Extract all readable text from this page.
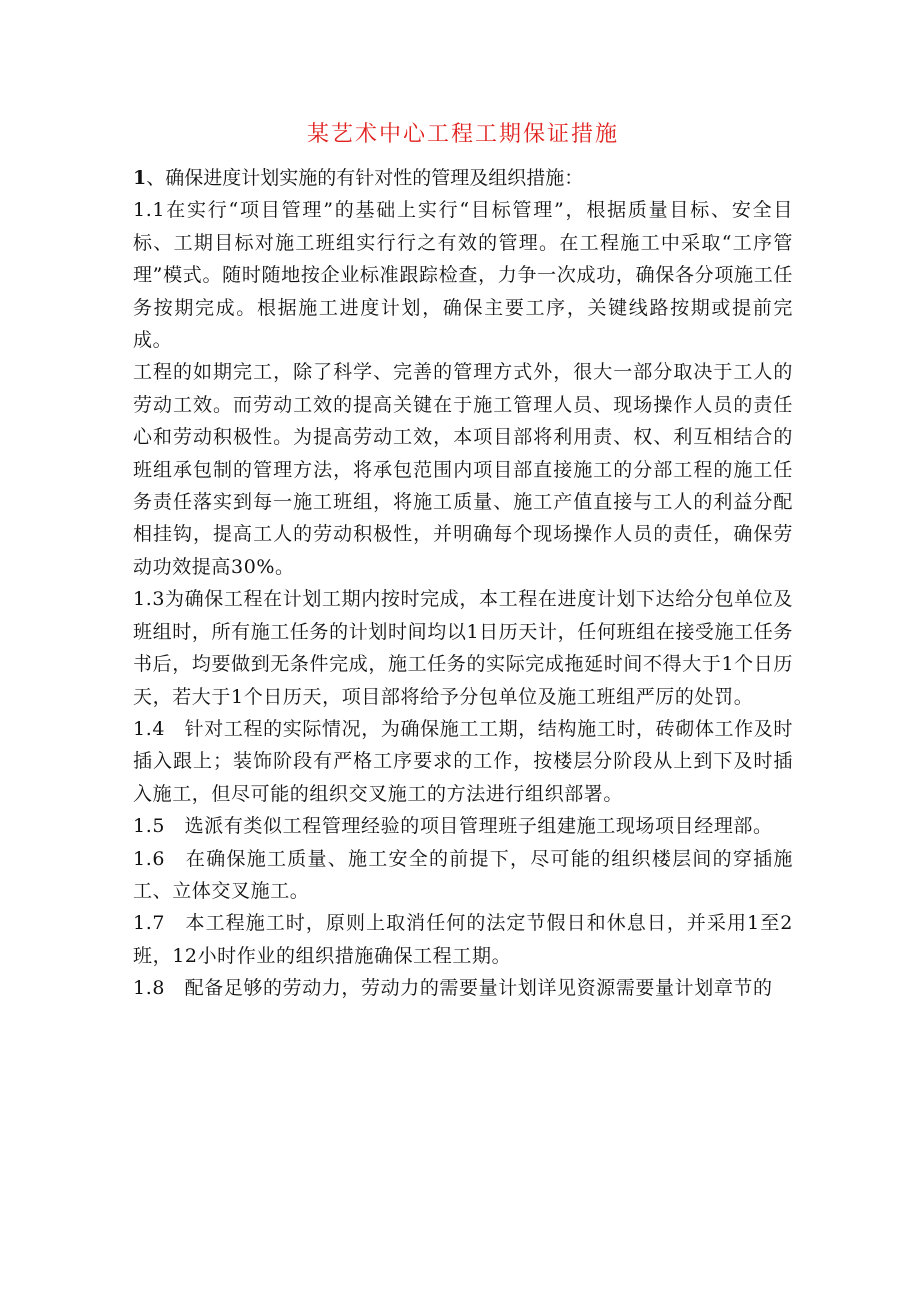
某艺术中心工程工期保证措施
1、确保进度计划实施的有针对性的管理及组织措施：

1.1在实行“项目管理”的基础上实行“目标管理”，根据质量目标、安全目标、工期目标对施工班组实行行之有效的管理。在工程施工中采取“工序管理”模式。随时随地按企业标准跟踪检查，力争一次成功，确保各分项施工任务按期完成。根据施工进度计划，确保主要工序，关键线路按期或提前完成。

工程的如期完工，除了科学、完善的管理方式外，很大一部分取决于工人的劳动工效。而劳动工效的提高关键在于施工管理人员、现场操作人员的责任心和劳动积极性。为提高劳动工效，本项目部将利用责、权、利互相结合的班组承包制的管理方法，将承包范围内项目部直接施工的分部工程的施工任务责任落实到每一施工班组，将施工质量、施工产值直接与工人的利益分配相挂钩，提高工人的劳动积极性，并明确每个现场操作人员的责任，确保劳动功效提高30%。

1.3为确保工程在计划工期内按时完成，本工程在进度计划下达给分包单位及班组时，所有施工任务的计划时间均以1日历天计，任何班组在接受施工任务书后，均要做到无条件完成，施工任务的实际完成拖延时间不得大于1个日历天，若大于1个日历天，项目部将给予分包单位及施工班组严厉的处罚。

1.4　针对工程的实际情况，为确保施工工期，结构施工时，砖砌体工作及时插入跟上；装饰阶段有严格工序要求的工作，按楼层分阶段从上到下及时插入施工，但尽可能的组织交叉施工的方法进行组织部署。

1.5　选派有类似工程管理经验的项目管理班子组建施工现场项目经理部。

1.6　在确保施工质量、施工安全的前提下，尽可能的组织楼层间的穿插施工、立体交叉施工。

1.7　本工程施工时，原则上取消任何的法定节假日和休息日，并采用1至2班，12小时作业的组织措施确保工程工期。

1.8　配备足够的劳动力，劳动力的需要量计划详见资源需要量计划章节的
